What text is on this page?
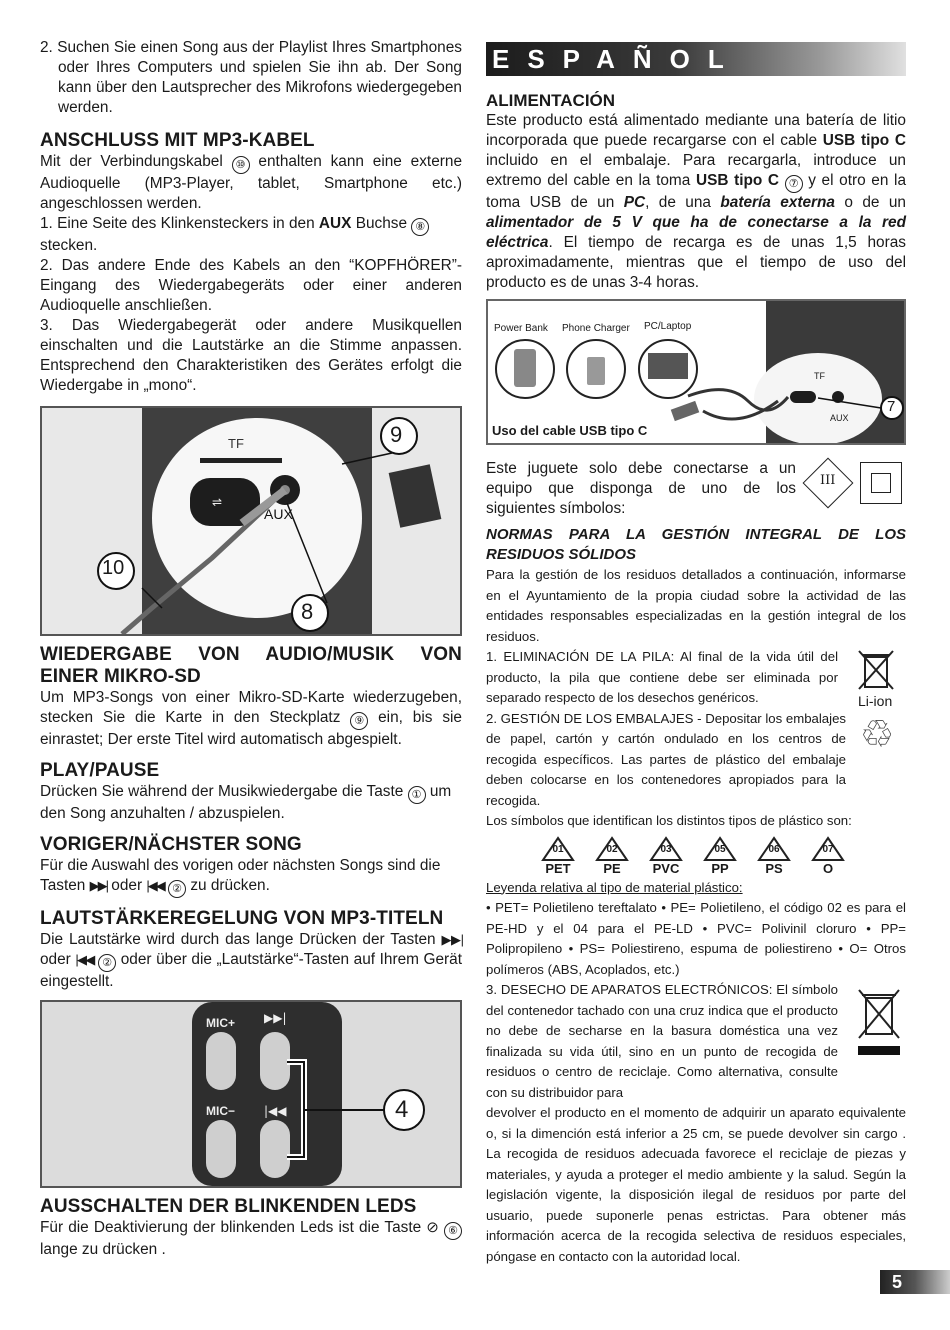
2. Suchen Sie einen Song aus der Playlist Ihres Smartphones oder Ihres Computers und spielen Sie ihn ab. Der Song kann über den Lautsprecher des Mikrofons wiedergegeben werden.

ANSCHLUSS MIT MP3-KABEL

Mit der Verbindungskabel ⑩ enthalten kann eine externe Audioquelle (MP3-Player, tablet, Smartphone etc.) angeschlossen werden.

1. Eine Seite des Klinkensteckers in den AUX Buchse ⑧ stecken.

2. Das andere Ende des Kabels an den “KOPFHÖRER”-Eingang des Wiedergabegeräts oder einer anderen Audioquelle anschließen.

3. Das Wiedergabegerät oder andere Musikquellen einschalten und die Lautstärke an die Stimme anpassen. Entsprechend den Charakteristiken des Gerätes erfolgt die Wiedergabe in „mono“.

⇌
TF
AUX
9
10
8
WIEDERGABE VON AUDIO/MUSIK VON EINER MIKRO-SD

Um MP3-Songs von einer Mikro-SD-Karte wiederzugeben, stecken Sie die Karte in den Steckplatz ⑨ ein, bis sie einrastet; Der erste Titel wird automatisch abgespielt.

PLAY/PAUSE

Drücken Sie während der Musikwiedergabe die Taste ① um den Song anzuhalten / abzuspielen.

VORIGER/NÄCHSTER SONG

Für die Auswahl des vorigen oder nächsten Songs sind die Tasten ▶▶| oder |◀◀ ② zu drücken.

LAUTSTÄRKEREGELUNG VON MP3-TITELN

Die Lautstärke wird durch das lange Drücken der Tasten ▶▶| oder |◀◀ ② oder über die „Lautstärke“-Tasten auf Ihrem Gerät eingestellt.

▶▶|
|◀◀
MIC+
MIC−	4
AUSSCHALTEN DER BLINKENDEN LEDS

Für die Deaktivierung der blinkenden Leds ist die Taste ⊘ ⑥ lange zu drücken .

ESPAÑOL
ALIMENTACIÓN

Este producto está alimentado mediante una batería de litio incorporada que puede recargarse con el cable USB tipo C incluido en el embalaje. Para recargarla, introduce un extremo del cable en la toma USB tipo C ⑦ y el otro en la toma USB de un PC, de una batería externa o de un alimentador de 5 V que ha de conectarse a la red eléctrica. El tiempo de recarga es de unas 1,5 horas aproximadamente, mientras que el tiempo de uso del producto es de unas 3-4 horas.

Power Bank Phone Charger PC/Laptop
TF
AUX
7
Uso del cable USB tipo C

Este juguete solo debe conectarse a un equipo que disponga de uno de los siguientes símbolos:

III

NORMAS PARA LA GESTIÓN INTEGRAL DE LOS RESIDUOS SÓLIDOS

Para la gestión de los residuos detallados a continuación, informarse en el Ayuntamiento de la propia ciudad sobre la actividad de las entidades responsables especializadas en la gestión integral de los residuos.

1. ELIMINACIÓN DE LA PILA: Al final de la vida útil del producto, la pila que contiene debe ser eliminada por separado respecto de los desechos genéricos.	Li-ion

2. GESTIÓN DE LOS EMBALAJES - Depositar los embalajes de papel, cartón y cartón ondulado en los centros de recogida específicos. Las partes de plástico del embalaje deben colocarse en los contenedores apropiados para la recogida.

♲

Los símbolos que identifican los distintos tipos de plástico son:

01
PET
02
PE
03
PVC
05
PP
06
PS
07
O

Leyenda relativa al tipo de material plástico:

• PET= Polietileno tereftalato • PE= Polietileno, el código 02 es para el PE-HD y el 04 para el PE-LD • PVC= Polivinil cloruro • PP= Polipropileno • PS= Poliestireno, espuma de poliestireno • O= Otros polímeros (ABS, Acoplados, etc.)

3. DESECHO DE APARATOS ELECTRÓNICOS: El símbolo del contenedor tachado con una cruz indica que el producto no debe de secharse en la basura doméstica una vez finalizada su vida útil, sino en un punto de recogida de residuos o centro de reciclaje. Como alternativa, consulte con su distribuidor para

devolver el producto en el momento de adquirir un aparato equivalente o, si la dimención está inferior a 25 cm, se puede devolver sin cargo . La recogida de residuos adecuada favorece el reciclaje de piezas y materiales, y ayuda a proteger el medio ambiente y la salud. Según la legislación vigente, la disposición ilegal de residuos por parte del usuario, puede suponerle penas estrictas. Para obtener más información acerca de la recogida selectiva de residuos especiales, póngase en contacto con la autoridad local.

5
